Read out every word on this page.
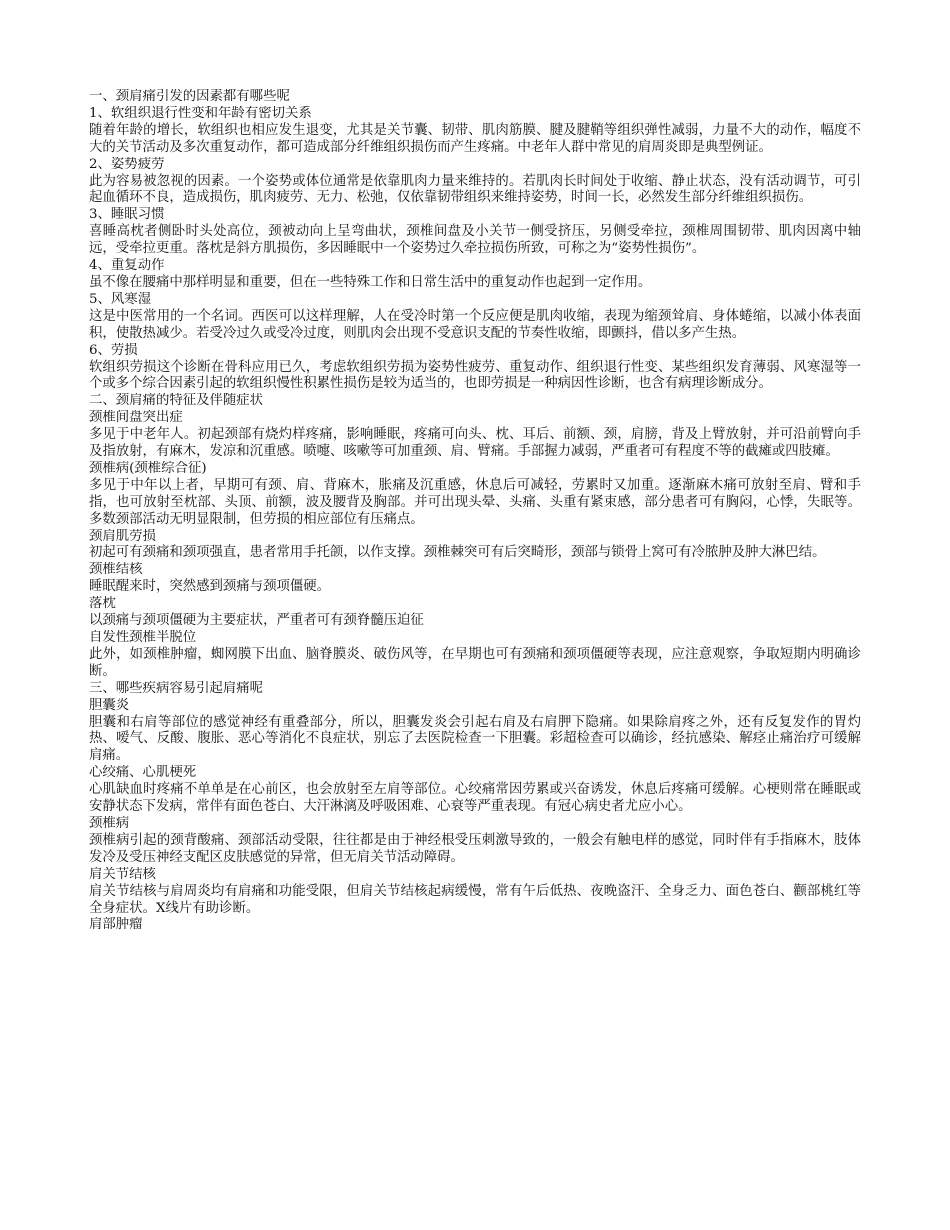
一、颈肩痛引发的因素都有哪些呢
1、软组织退行性变和年龄有密切关系
随着年龄的增长，软组织也相应发生退变，尤其是关节囊、韧带、肌肉筋膜、腱及腱鞘等组织弹性减弱，力量不大的动作，幅度不大的关节活动及多次重复动作，都可造成部分纤维组织损伤而产生疼痛。中老年人群中常见的肩周炎即是典型例证。
2、姿势疲劳
此为容易被忽视的因素。一个姿势或体位通常是依靠肌肉力量来维持的。若肌肉长时间处于收缩、静止状态，没有活动调节，可引起血循环不良，造成损伤，肌肉疲劳、无力、松弛，仅依靠韧带组织来维持姿势，时间一长，必然发生部分纤维组织损伤。
3、睡眠习惯
喜睡高枕者侧卧时头处高位，颈被动向上呈弯曲状，颈椎间盘及小关节一侧受挤压，另侧受牵拉，颈椎周围韧带、肌肉因离中轴远，受牵拉更重。落枕是斜方肌损伤，多因睡眠中一个姿势过久牵拉损伤所致，可称之为“姿势性损伤”。
4、重复动作
虽不像在腰痛中那样明显和重要，但在一些特殊工作和日常生活中的重复动作也起到一定作用。
5、风寒湿
这是中医常用的一个名词。西医可以这样理解，人在受冷时第一个反应便是肌肉收缩，表现为缩颈耸肩、身体蜷缩，以减小体表面积，使散热减少。若受冷过久或受冷过度，则肌肉会出现不受意识支配的节奏性收缩，即颤抖，借以多产生热。
6、劳损
软组织劳损这个诊断在骨科应用已久，考虑软组织劳损为姿势性疲劳、重复动作、组织退行性变、某些组织发育薄弱、风寒湿等一个或多个综合因素引起的软组织慢性积累性损伤是较为适当的，也即劳损是一种病因性诊断，也含有病理诊断成分。
二、颈肩痛的特征及伴随症状
颈椎间盘突出症
多见于中老年人。初起颈部有烧灼样疼痛，影响睡眠，疼痛可向头、枕、耳后、前额、颈，肩膀，背及上臂放射，并可沿前臂向手及指放射，有麻木，发凉和沉重感。喷嚏、咳嗽等可加重颈、肩、臂痛。手部握力减弱，严重者可有程度不等的截瘫或四肢瘫。
颈椎病(颈椎综合征)
多见于中年以上者，早期可有颈、肩、背麻木，胀痛及沉重感，休息后可减轻，劳累时又加重。逐渐麻木痛可放射至肩、臂和手指，也可放射至枕部、头顶、前额，波及腰背及胸部。并可出现头晕、头痛、头重有紧束感，部分患者可有胸闷，心悸，失眠等。多数颈部活动无明显限制，但劳损的相应部位有压痛点。
颈肩肌劳损
初起可有颈痛和颈项强直，患者常用手托颌，以作支撑。颈椎棘突可有后突畸形，颈部与锁骨上窝可有冷脓肿及肿大淋巴结。
颈椎结核
睡眠醒来时，突然感到颈痛与颈项僵硬。
落枕
以颈痛与颈项僵硬为主要症状，严重者可有颈脊髓压迫征
自发性颈椎半脱位
此外，如颈椎肿瘤，蜘网膜下出血、脑脊膜炎、破伤风等，在早期也可有颈痛和颈项僵硬等表现，应注意观察，争取短期内明确诊断。
三、哪些疾病容易引起肩痛呢
胆囊炎
胆囊和右肩等部位的感觉神经有重叠部分，所以，胆囊发炎会引起右肩及右肩胛下隐痛。如果除肩疼之外，还有反复发作的胃灼热、嗳气、反酸、腹胀、恶心等消化不良症状，别忘了去医院检查一下胆囊。彩超检查可以确诊，经抗感染、解痉止痛治疗可缓解肩痛。
心绞痛、心肌梗死
心肌缺血时疼痛不单单是在心前区，也会放射至左肩等部位。心绞痛常因劳累或兴奋诱发，休息后疼痛可缓解。心梗则常在睡眠或安静状态下发病，常伴有面色苍白、大汗淋漓及呼吸困难、心衰等严重表现。有冠心病史者尤应小心。
颈椎病
颈椎病引起的颈背酸痛、颈部活动受限，往往都是由于神经根受压刺激导致的，一般会有触电样的感觉，同时伴有手指麻木，肢体发冷及受压神经支配区皮肤感觉的异常，但无肩关节活动障碍。
肩关节结核
肩关节结核与肩周炎均有肩痛和功能受限，但肩关节结核起病缓慢，常有午后低热、夜晚盗汗、全身乏力、面色苍白、颧部桃红等全身症状。X线片有助诊断。
肩部肿瘤
